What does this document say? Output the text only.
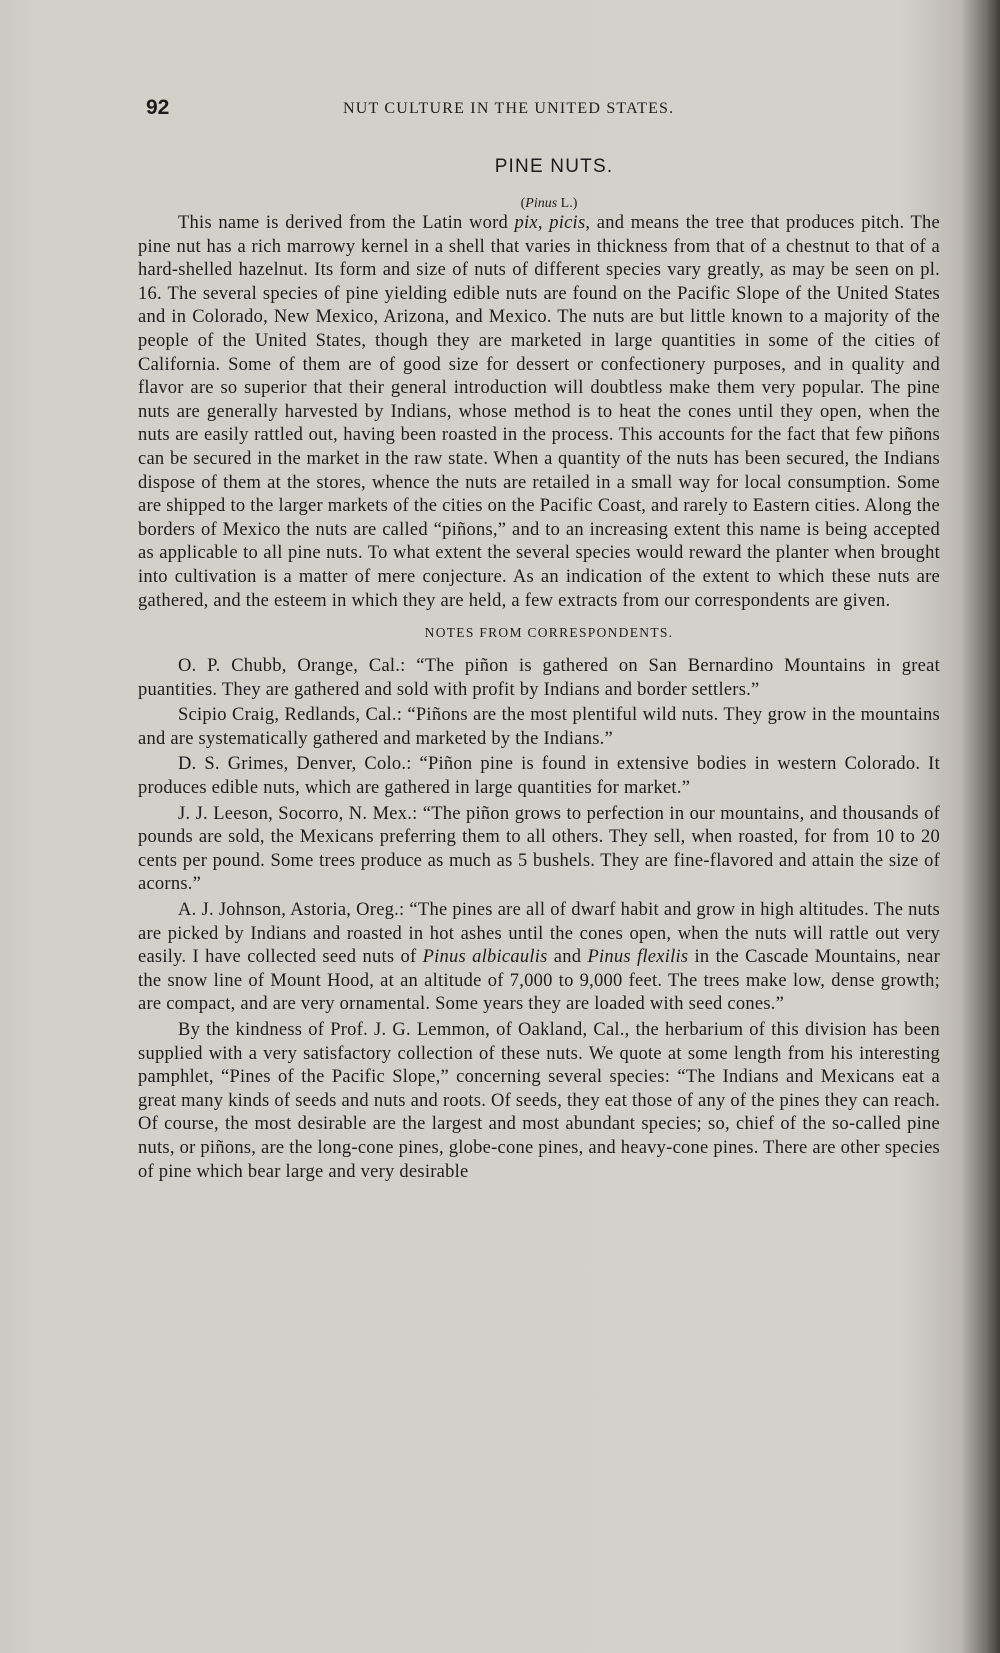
92	NUT CULTURE IN THE UNITED STATES.
PINE NUTS.
(Pinus L.)

This name is derived from the Latin word pix, picis, and means the tree that produces pitch. The pine nut has a rich marrowy kernel in a shell that varies in thickness from that of a chestnut to that of a hard-shelled hazelnut. Its form and size of nuts of different species vary greatly, as may be seen on pl. 16. The several species of pine yielding edible nuts are found on the Pacific Slope of the United States and in Colorado, New Mexico, Arizona, and Mexico. The nuts are but little known to a majority of the people of the United States, though they are marketed in large quantities in some of the cities of California. Some of them are of good size for dessert or confectionery purposes, and in quality and flavor are so superior that their general introduction will doubtless make them very popular. The pine nuts are generally harvested by Indians, whose method is to heat the cones until they open, when the nuts are easily rattled out, having been roasted in the process. This accounts for the fact that few piñons can be secured in the market in the raw state. When a quantity of the nuts has been secured, the Indians dispose of them at the stores, whence the nuts are retailed in a small way for local consumption. Some are shipped to the larger markets of the cities on the Pacific Coast, and rarely to Eastern cities. Along the borders of Mexico the nuts are called “piñons,” and to an increasing extent this name is being accepted as applicable to all pine nuts. To what extent the several species would reward the planter when brought into cultivation is a matter of mere conjecture. As an indication of the extent to which these nuts are gathered, and the esteem in which they are held, a few extracts from our correspondents are given.

NOTES FROM CORRESPONDENTS.

O. P. Chubb, Orange, Cal.: “The piñon is gathered on San Bernardino Mountains in great puantities. They are gathered and sold with profit by Indians and border settlers.”

Scipio Craig, Redlands, Cal.: “Piñons are the most plentiful wild nuts. They grow in the mountains and are systematically gathered and marketed by the Indians.”

D. S. Grimes, Denver, Colo.: “Piñon pine is found in extensive bodies in western Colorado. It produces edible nuts, which are gathered in large quantities for market.”

J. J. Leeson, Socorro, N. Mex.: “The piñon grows to perfection in our mountains, and thousands of pounds are sold, the Mexicans preferring them to all others. They sell, when roasted, for from 10 to 20 cents per pound. Some trees produce as much as 5 bushels. They are fine-flavored and attain the size of acorns.”

A. J. Johnson, Astoria, Oreg.: “The pines are all of dwarf habit and grow in high altitudes. The nuts are picked by Indians and roasted in hot ashes until the cones open, when the nuts will rattle out very easily. I have collected seed nuts of Pinus albicaulis and Pinus flexilis in the Cascade Mountains, near the snow line of Mount Hood, at an altitude of 7,000 to 9,000 feet. The trees make low, dense growth; are compact, and are very ornamental. Some years they are loaded with seed cones.”

By the kindness of Prof. J. G. Lemmon, of Oakland, Cal., the herbarium of this division has been supplied with a very satisfactory collection of these nuts. We quote at some length from his interesting pamphlet, “Pines of the Pacific Slope,” concerning several species: “The Indians and Mexicans eat a great many kinds of seeds and nuts and roots. Of seeds, they eat those of any of the pines they can reach. Of course, the most desirable are the largest and most abundant species; so, chief of the so-called pine nuts, or piñons, are the long-cone pines, globe-cone pines, and heavy-cone pines. There are other species of pine which bear large and very desirable
